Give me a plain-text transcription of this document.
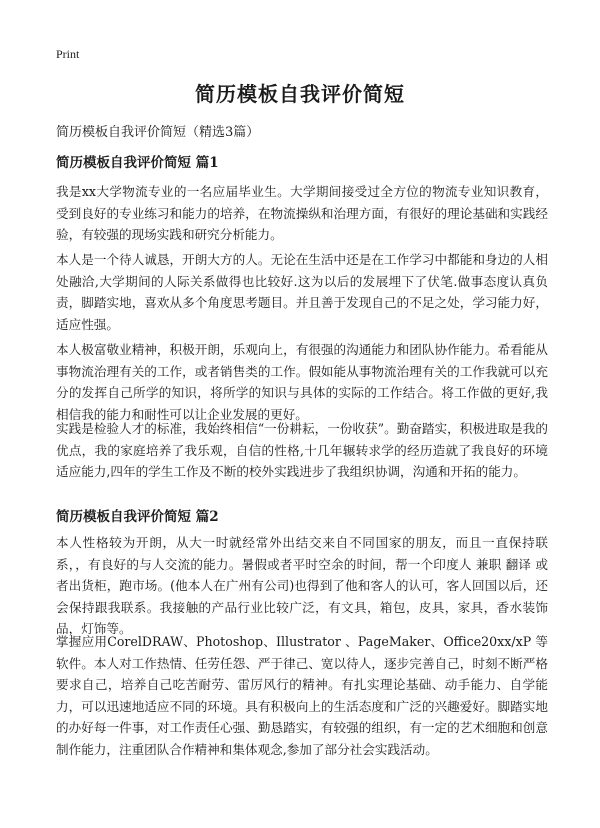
Print
简历模板自我评价简短
简历模板自我评价简短（精选3篇）
简历模板自我评价简短 篇1
我是xx大学物流专业的一名应届毕业生。大学期间接受过全方位的物流专业知识教育，受到良好的专业练习和能力的培养，在物流操纵和治理方面，有很好的理论基础和实践经验，有较强的现场实践和研究分析能力。
本人是一个待人诚恳，开朗大方的人。无论在生活中还是在工作学习中都能和身边的人相处融洽,大学期间的人际关系做得也比较好.这为以后的发展埋下了伏笔.做事态度认真负责，脚踏实地，喜欢从多个角度思考题目。并且善于发现自己的不足之处，学习能力好，适应性强。
本人极富敬业精神，积极开朗，乐观向上，有很强的沟通能力和团队协作能力。希看能从事物流治理有关的工作，或者销售类的工作。假如能从事物流治理有关的工作我就可以充分的发挥自己所学的知识，将所学的知识与具体的实际的工作结合。将工作做的更好,我相信我的能力和耐性可以让企业发展的更好。
实践是检验人才的标准，我始终相信“一份耕耘，一份收获”。勤奋踏实，积极进取是我的优点，我的家庭培养了我乐观，自信的性格,十几年辗转求学的经历造就了我良好的环境适应能力,四年的学生工作及不断的校外实践进步了我组织协调，沟通和开拓的能力。
简历模板自我评价简短 篇2
本人性格较为开朗，从大一时就经常外出结交来自不同国家的朋友，而且一直保持联系，，有良好的与人交流的能力。暑假或者平时空余的时间，帮一个印度人 兼职 翻译 或者出货柜，跑市场。(他本人在广州有公司)也得到了他和客人的认可，客人回国以后，还会保持跟我联系。我接触的产品行业比较广泛，有文具，箱包，皮具，家具，香水装饰品，灯饰等。
掌握应用CorelDRAW、Photoshop、Illustrator 、PageMaker、Office20xx/xP 等软件。本人对工作热情、任劳任怨、严于律己、宽以待人，逐步完善自己，时刻不断严格要求自己，培养自己吃苦耐劳、雷厉风行的精神。有扎实理论基础、动手能力、自学能力，可以迅速地适应不同的环境。具有积极向上的生活态度和广泛的兴趣爱好。脚踏实地的办好每一件事，对工作责任心强、勤恳踏实，有较强的组织，有一定的艺术细胞和创意制作能力，注重团队合作精神和集体观念,参加了部分社会实践活动。
